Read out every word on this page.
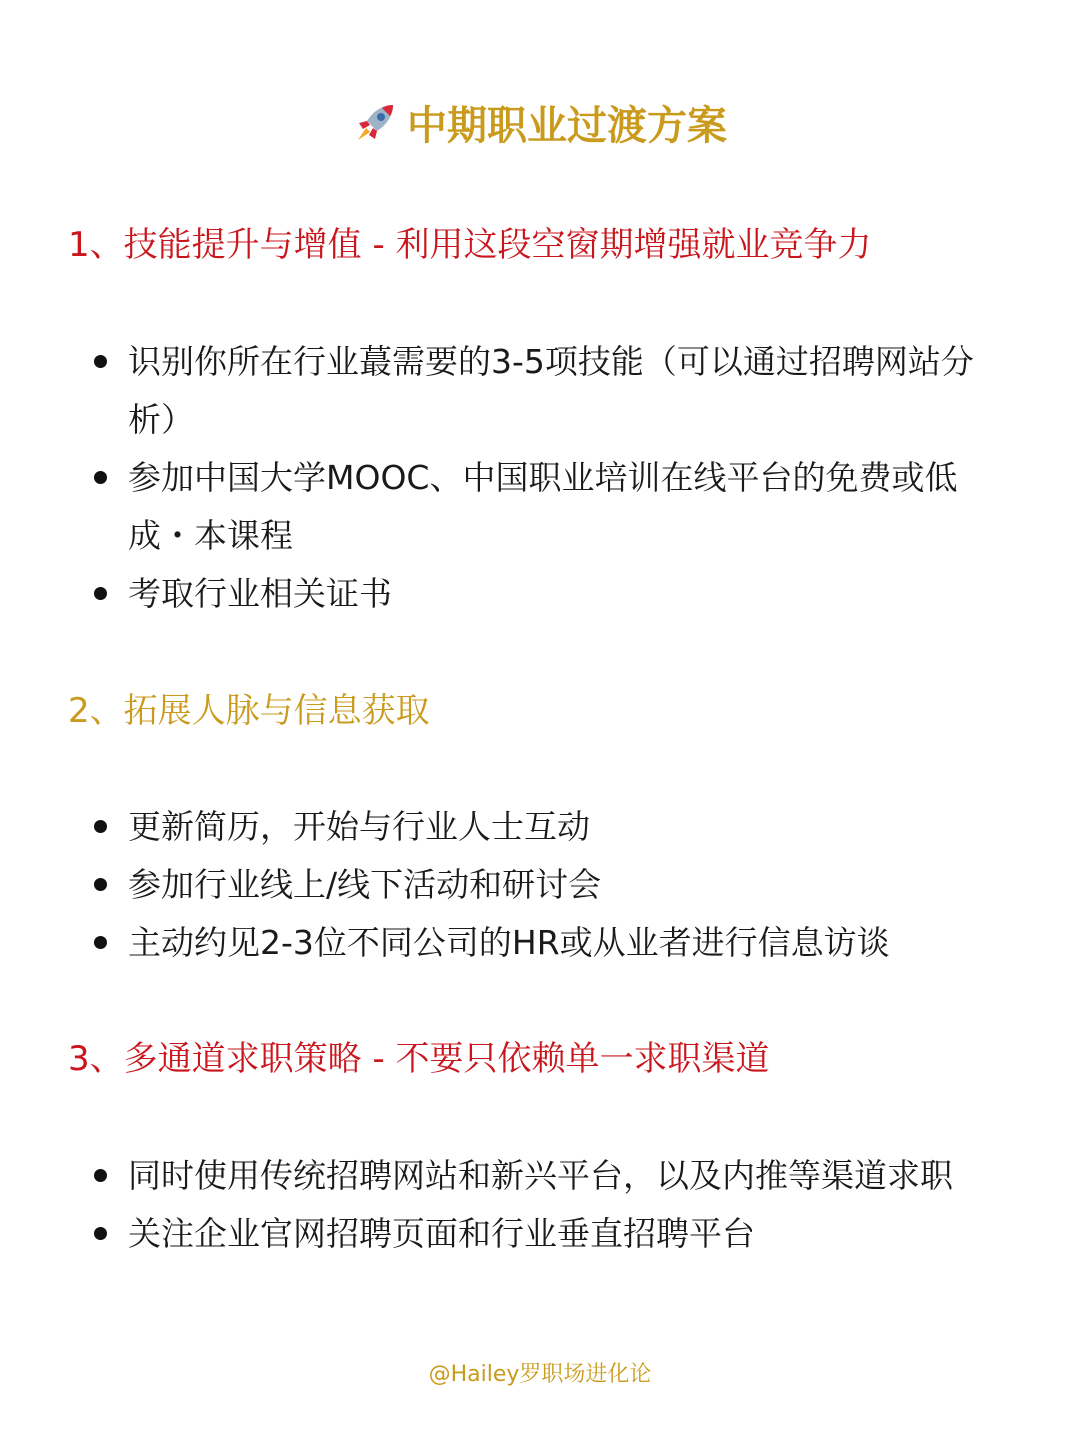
中期职业过渡方案
1、技能提升与增值 - 利用这段空窗期增强就业竞争力
识别你所在行业蕞需要的3-5项技能（可以通过招聘网站分析）
参加中国大学MOOC、中国职业培训在线平台的免费或低成・本课程
考取行业相关证书
2、拓展人脉与信息获取
更新简历，开始与行业人士互动
参加行业线上/线下活动和研讨会
主动约见2-3位不同公司的HR或从业者进行信息访谈
3、多通道求职策略 - 不要只依赖单一求职渠道
同时使用传统招聘网站和新兴平台，以及内推等渠道求职
关注企业官网招聘页面和行业垂直招聘平台
@Hailey罗职场进化论
